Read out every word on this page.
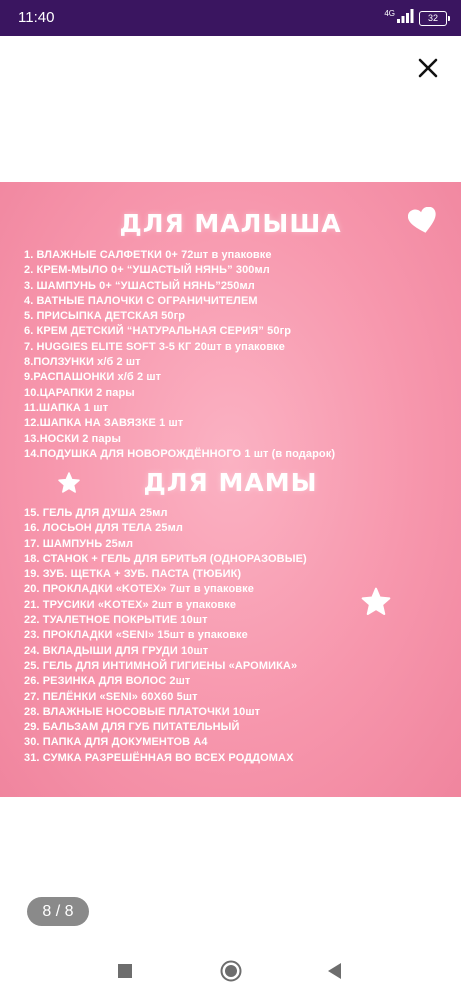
11:40	4G	32
ДЛЯ МАЛЫША
1. ВЛАЖНЫЕ САЛФЕТКИ 0+ 72шт в упаковке
2. КРЕМ-МЫЛО 0+ “УШАСТЫЙ НЯНЬ” 300мл
3. ШАМПУНЬ 0+ “УШАСТЫЙ НЯНЬ”250мл
4. ВАТНЫЕ ПАЛОЧКИ С ОГРАНИЧИТЕЛЕМ
5. ПРИСЫПКА ДЕТСКАЯ 50гр
6. КРЕМ ДЕТСКИЙ “НАТУРАЛЬНАЯ СЕРИЯ” 50гр
7. HUGGIES ELITE SOFT 3-5 КГ 20шт в упаковке
8.ПОЛЗУНКИ х/б 2 шт
9.РАСПАШОНКИ х/б 2 шт
10.ЦАРАПКИ 2 пары
11.ШАПКА 1 шт
12.ШАПКА НА ЗАВЯЗКЕ 1 шт
13.НОСКИ 2 пары
14.ПОДУШКА ДЛЯ НОВОРОЖДЁННОГО 1 шт (в подарок)
ДЛЯ МАМЫ
15. ГЕЛЬ ДЛЯ ДУША 25мл
16. ЛОСЬОН ДЛЯ ТЕЛА 25мл
17. ШАМПУНЬ 25мл
18. СТАНОК + ГЕЛЬ ДЛЯ БРИТЬЯ (ОДНОРАЗОВЫЕ)
19. ЗУБ. ЩЕТКА + ЗУБ. ПАСТА (ТЮБИК)
20. ПРОКЛАДКИ «KOTEX» 7шт в упаковке
21. ТРУСИКИ «KOTEX» 2шт в упаковке
22. ТУАЛЕТНОЕ ПОКРЫТИЕ 10шт
23. ПРОКЛАДКИ «SENI» 15шт в упаковке
24. ВКЛАДЫШИ ДЛЯ ГРУДИ 10шт
25. ГЕЛЬ ДЛЯ ИНТИМНОЙ ГИГИЕНЫ «АРОМИКА»
26. РЕЗИНКА ДЛЯ ВОЛОС 2шт
27. ПЕЛЁНКИ «SENI» 60Х60 5шт
28. ВЛАЖНЫЕ НОСОВЫЕ ПЛАТОЧКИ 10шт
29. БАЛЬЗАМ ДЛЯ ГУБ ПИТАТЕЛЬНЫЙ
30. ПАПКА ДЛЯ ДОКУМЕНТОВ А4
31. СУМКА РАЗРЕШЁННАЯ ВО ВСЕХ РОДДОМАХ
8 / 8
